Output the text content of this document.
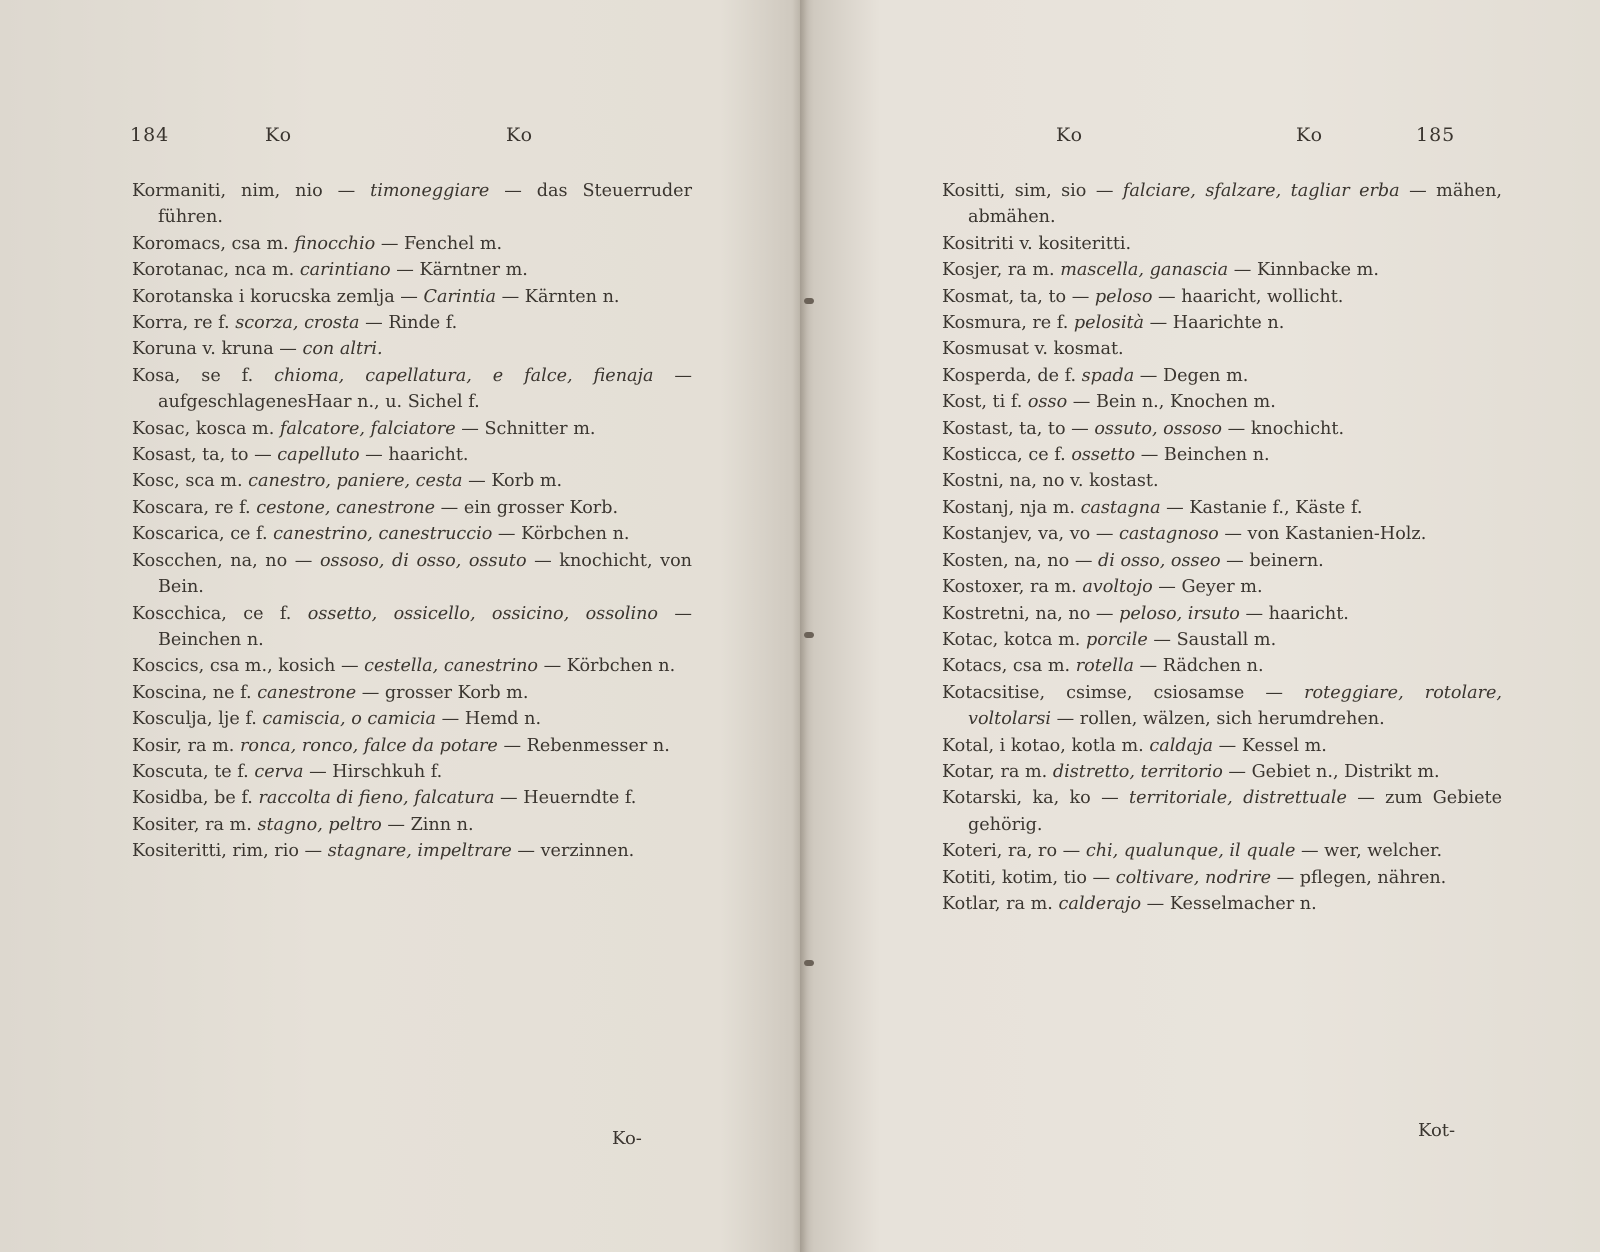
184	Ko	Ko

Kormaniti, nim, nio — timoneggiare — das Steuerruder führen.

Koromacs, csa m. finocchio — Fenchel m.

Korotanac, nca m. carintiano — Kärntner m.

Korotanska i korucska zemlja — Carintia — Kärnten n.

Korra, re f. scorza, crosta — Rinde f.

Koruna v. kruna — con altri.

Kosa, se f. chioma, capellatura, e falce, fienaja — aufgeschlagenesHaar n., u. Sichel f.

Kosac, kosca m. falcatore, falciatore — Schnitter m.

Kosast, ta, to — capelluto — haaricht.

Kosc, sca m. canestro, paniere, cesta — Korb m.

Koscara, re f. cestone, canestrone — ein grosser Korb.

Koscarica, ce f. canestrino, canestruccio — Körbchen n.

Koscchen, na, no — ossoso, di osso, ossuto — knochicht, von Bein.

Koscchica, ce f. ossetto, ossicello, ossicino, ossolino — Beinchen n.

Koscics, csa m., kosich — cestella, canestrino — Körbchen n.

Koscina, ne f. canestrone — grosser Korb m.

Kosculja, lje f. camiscia, o camicia — Hemd n.

Kosir, ra m. ronca, ronco, falce da potare — Rebenmesser n.

Koscuta, te f. cerva — Hirschkuh f.

Kosidba, be f. raccolta di fieno, falcatura — Heuerndte f.

Kositer, ra m. stagno, peltro — Zinn n.

Kositeritti, rim, rio — stagnare, impeltrare — verzinnen.

Ko-
Ko	Ko	185

Kositti, sim, sio — falciare, sfalzare, tagliar erba — mähen, abmähen.

Kositriti v. kositeritti.

Kosjer, ra m. mascella, ganascia — Kinnbacke m.

Kosmat, ta, to — peloso — haaricht, wollicht.

Kosmura, re f. pelosità — Haarichte n.

Kosmusat v. kosmat.

Kosperda, de f. spada — Degen m.

Kost, ti f. osso — Bein n., Knochen m.

Kostast, ta, to — ossuto, ossoso — knochicht.

Kosticca, ce f. ossetto — Beinchen n.

Kostni, na, no v. kostast.

Kostanj, nja m. castagna — Kastanie f., Käste f.

Kostanjev, va, vo — castagnoso — von Kastanien-Holz.

Kosten, na, no — di osso, osseo — beinern.

Kostoxer, ra m. avoltojo — Geyer m.

Kostretni, na, no — peloso, irsuto — haaricht.

Kotac, kotca m. porcile — Saustall m.

Kotacs, csa m. rotella — Rädchen n.

Kotacsitise, csimse, csiosamse — roteggiare, rotolare, voltolarsi — rollen, wälzen, sich herumdrehen.

Kotal, i kotao, kotla m. caldaja — Kessel m.

Kotar, ra m. distretto, territorio — Gebiet n., Distrikt m.

Kotarski, ka, ko — territoriale, distrettuale — zum Gebiete gehörig.

Koteri, ra, ro — chi, qualunque, il quale — wer, welcher.

Kotiti, kotim, tio — coltivare, nodrire — pflegen, nähren.

Kotlar, ra m. calderajo — Kesselmacher n.

Kot-
